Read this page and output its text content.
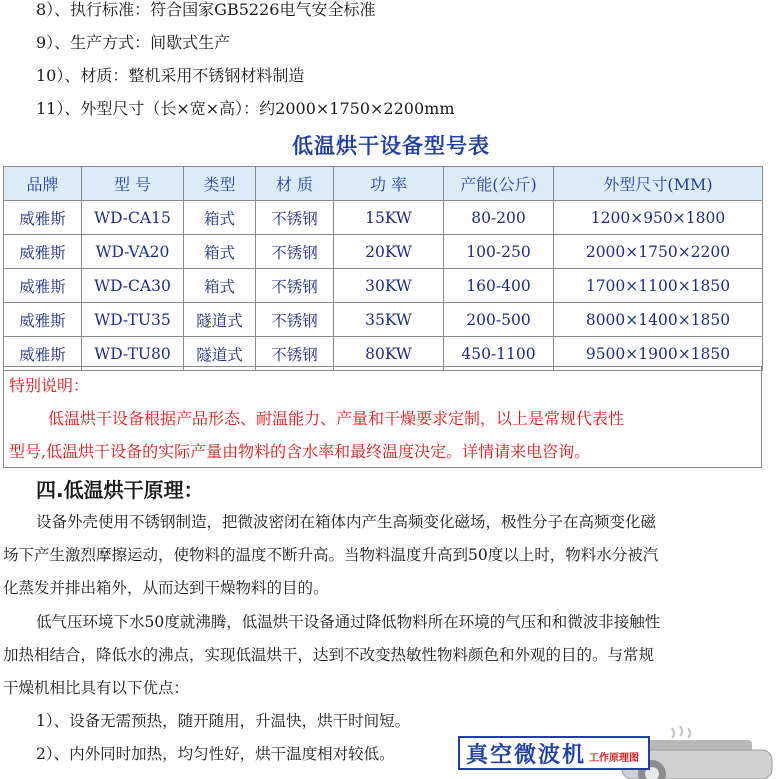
8）、执行标准：符合国家GB5226电气安全标准
9）、生产方式：间歇式生产
10）、材质：整机采用不锈钢材料制造
11）、外型尺寸（长×宽×高）：约2000×1750×2200mm
低温烘干设备型号表
品牌	型 号	类型	材 质	功 率	产能(公斤)	外型尺寸(MM)
威雅斯	WD-CA15	箱式	不锈钢	15KW	80-200	1200×950×1800
威雅斯	WD-VA20	箱式	不锈钢	20KW	100-250	2000×1750×2200
威雅斯	WD-CA30	箱式	不锈钢	30KW	160-400	1700×1100×1850
威雅斯	WD-TU35	隧道式	不锈钢	35KW	200-500	8000×1400×1850
威雅斯	WD-TU80	隧道式	不锈钢	80KW	450-1100	9500×1900×1850
特别说明：
低温烘干设备根据产品形态、耐温能力、产量和干燥要求定制，以上是常规代表性
型号,低温烘干设备的实际产量由物料的含水率和最终温度决定。详情请来电咨询。
四.低温烘干原理：
设备外壳使用不锈钢制造，把微波密闭在箱体内产生高频变化磁场，极性分子在高频变化磁
场下产生激烈摩擦运动，使物料的温度不断升高。当物料温度升高到50度以上时，物料水分被汽
化蒸发并排出箱外，从而达到干燥物料的目的。
低气压环境下水50度就沸腾，低温烘干设备通过降低物料所在环境的气压和和微波非接触性
加热相结合，降低水的沸点，实现低温烘干，达到不改变热敏性物料颜色和外观的目的。与常规
干燥机相比具有以下优点：
1）、设备无需预热，随开随用，升温快，烘干时间短。
2）、内外同时加热，均匀性好，烘干温度相对较低。	真空微波机 工作原理图
